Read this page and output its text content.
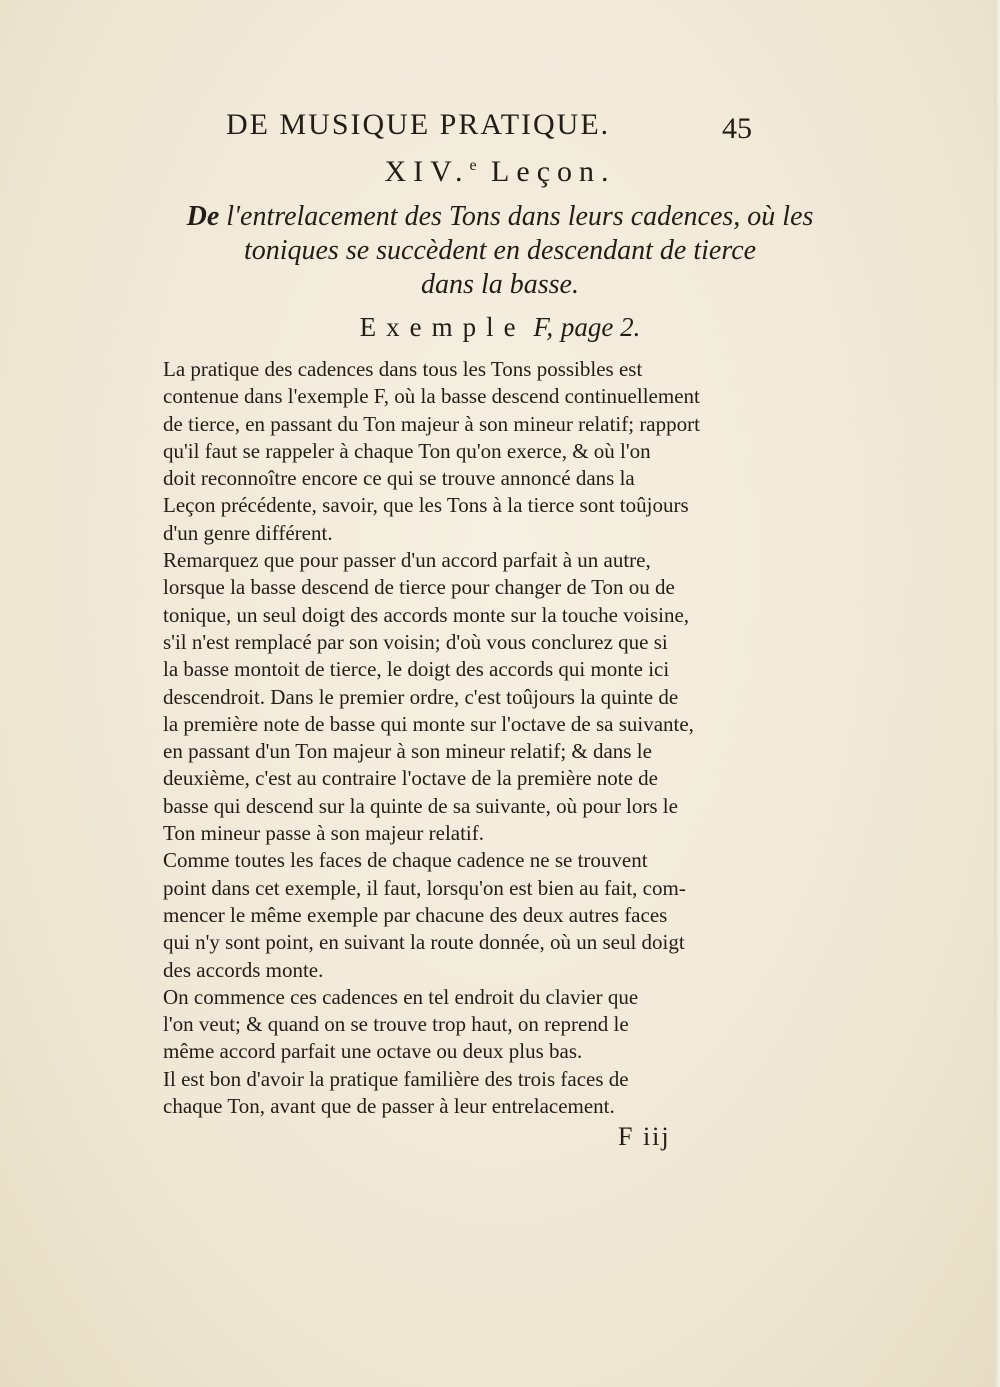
DE MUSIQUE PRATIQUE.	45
XIV.$^e$ Leçon.
De l'entrelacement des Tons dans leurs cadences, où les
toniques se succèdent en descendant de tierce
dans la basse.
Exemple F, page 2.

La pratique des cadences dans tous les Tons possibles est
contenue dans l'exemple F, où la basse descend continuellement
de tierce, en passant du Ton majeur à son mineur relatif; rapport
qu'il faut se rappeler à chaque Ton qu'on exerce, & où l'on
doit reconnoître encore ce qui se trouve annoncé dans la
Leçon précédente, savoir, que les Tons à la tierce sont toûjours
d'un genre différent.

Remarquez que pour passer d'un accord parfait à un autre,
lorsque la basse descend de tierce pour changer de Ton ou de
tonique, un seul doigt des accords monte sur la touche voisine,
s'il n'est remplacé par son voisin; d'où vous conclurez que si
la basse montoit de tierce, le doigt des accords qui monte ici
descendroit. Dans le premier ordre, c'est toûjours la quinte de
la première note de basse qui monte sur l'octave de sa suivante,
en passant d'un Ton majeur à son mineur relatif; & dans le
deuxième, c'est au contraire l'octave de la première note de
basse qui descend sur la quinte de sa suivante, où pour lors le
Ton mineur passe à son majeur relatif.

Comme toutes les faces de chaque cadence ne se trouvent
point dans cet exemple, il faut, lorsqu'on est bien au fait, com-
mencer le même exemple par chacune des deux autres faces
qui n'y sont point, en suivant la route donnée, où un seul doigt
des accords monte.

On commence ces cadences en tel endroit du clavier que
l'on veut; & quand on se trouve trop haut, on reprend le
même accord parfait une octave ou deux plus bas.

Il est bon d'avoir la pratique familière des trois faces de
chaque Ton, avant que de passer à leur entrelacement.

F iij
